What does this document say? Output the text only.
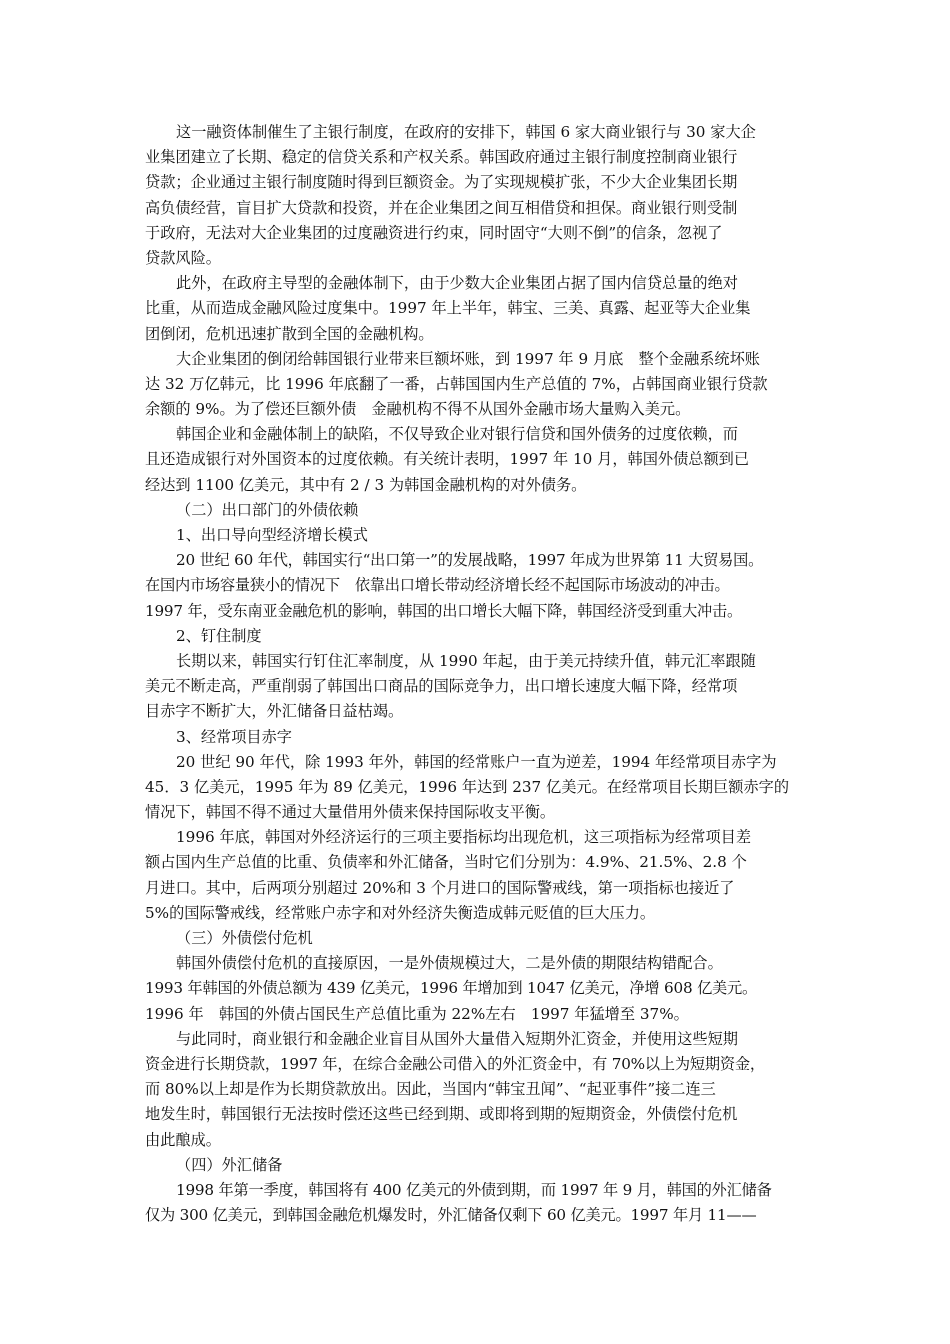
这一融资体制催生了主银行制度，在政府的安排下，韩国 6 家大商业银行与 30 家大企
业集团建立了长期、稳定的信贷关系和产权关系。韩国政府通过主银行制度控制商业银行
贷款；企业通过主银行制度随时得到巨额资金。为了实现规模扩张，不少大企业集团长期
高负债经营，盲目扩大贷款和投资，并在企业集团之间互相借贷和担保。商业银行则受制
于政府，无法对大企业集团的过度融资进行约束，同时固守“大则不倒”的信条，忽视了
贷款风险。
此外，在政府主导型的金融体制下，由于少数大企业集团占据了国内信贷总量的绝对
比重，从而造成金融风险过度集中。1997 年上半年，韩宝、三美、真露、起亚等大企业集
团倒闭，危机迅速扩散到全国的金融机构。
大企业集团的倒闭给韩国银行业带来巨额坏账，到 1997 年 9 月底　整个金融系统坏账
达 32 万亿韩元，比 1996 年底翻了一番，占韩国国内生产总值的 7%，占韩国商业银行贷款
余额的 9%。为了偿还巨额外债　金融机构不得不从国外金融市场大量购入美元。
韩国企业和金融体制上的缺陷，不仅导致企业对银行信贷和国外债务的过度依赖，而
且还造成银行对外国资本的过度依赖。有关统计表明，1997 年 10 月，韩国外债总额到已
经达到 1100 亿美元，其中有 2 / 3 为韩国金融机构的对外债务。
（二）出口部门的外债依赖
1、出口导向型经济增长模式
20 世纪 60 年代，韩国实行“出口第一”的发展战略，1997 年成为世界第 11 大贸易国。
在国内市场容量狭小的情况下　依靠出口增长带动经济增长经不起国际市场波动的冲击。
1997 年，受东南亚金融危机的影响，韩国的出口增长大幅下降，韩国经济受到重大冲击。
2、钉住制度
长期以来，韩国实行钉住汇率制度，从 1990 年起，由于美元持续升值，韩元汇率跟随
美元不断走高，严重削弱了韩国出口商品的国际竞争力，出口增长速度大幅下降，经常项
目赤字不断扩大，外汇储备日益枯竭。
3、经常项目赤字
20 世纪 90 年代，除 1993 年外，韩国的经常账户一直为逆差，1994 年经常项目赤字为
45．3 亿美元，1995 年为 89 亿美元，1996 年达到 237 亿美元。在经常项目长期巨额赤字的
情况下，韩国不得不通过大量借用外债来保持国际收支平衡。
1996 年底，韩国对外经济运行的三项主要指标均出现危机，这三项指标为经常项目差
额占国内生产总值的比重、负债率和外汇储备，当时它们分别为：4.9%、21.5%、2.8 个
月进口。其中，后两项分别超过 20%和 3 个月进口的国际警戒线，第一项指标也接近了
5%的国际警戒线，经常账户赤字和对外经济失衡造成韩元贬值的巨大压力。
（三）外债偿付危机
韩国外债偿付危机的直接原因，一是外债规模过大，二是外债的期限结构错配合。
1993 年韩国的外债总额为 439 亿美元，1996 年增加到 1047 亿美元，净增 608 亿美元。
1996 年　韩国的外债占国民生产总值比重为 22%左右　1997 年猛增至 37%。
与此同时，商业银行和金融企业盲目从国外大量借入短期外汇资金，并使用这些短期
资金进行长期贷款，1997 年，在综合金融公司借入的外汇资金中，有 70%以上为短期资金，
而 80%以上却是作为长期贷款放出。因此，当国内“韩宝丑闻”、“起亚事件”接二连三
地发生时，韩国银行无法按时偿还这些已经到期、或即将到期的短期资金，外债偿付危机
由此酿成。
（四）外汇储备
1998 年第一季度，韩国将有 400 亿美元的外债到期，而 1997 年 9 月，韩国的外汇储备
仅为 300 亿美元，到韩国金融危机爆发时，外汇储备仅剩下 60 亿美元。1997 年月 11——
